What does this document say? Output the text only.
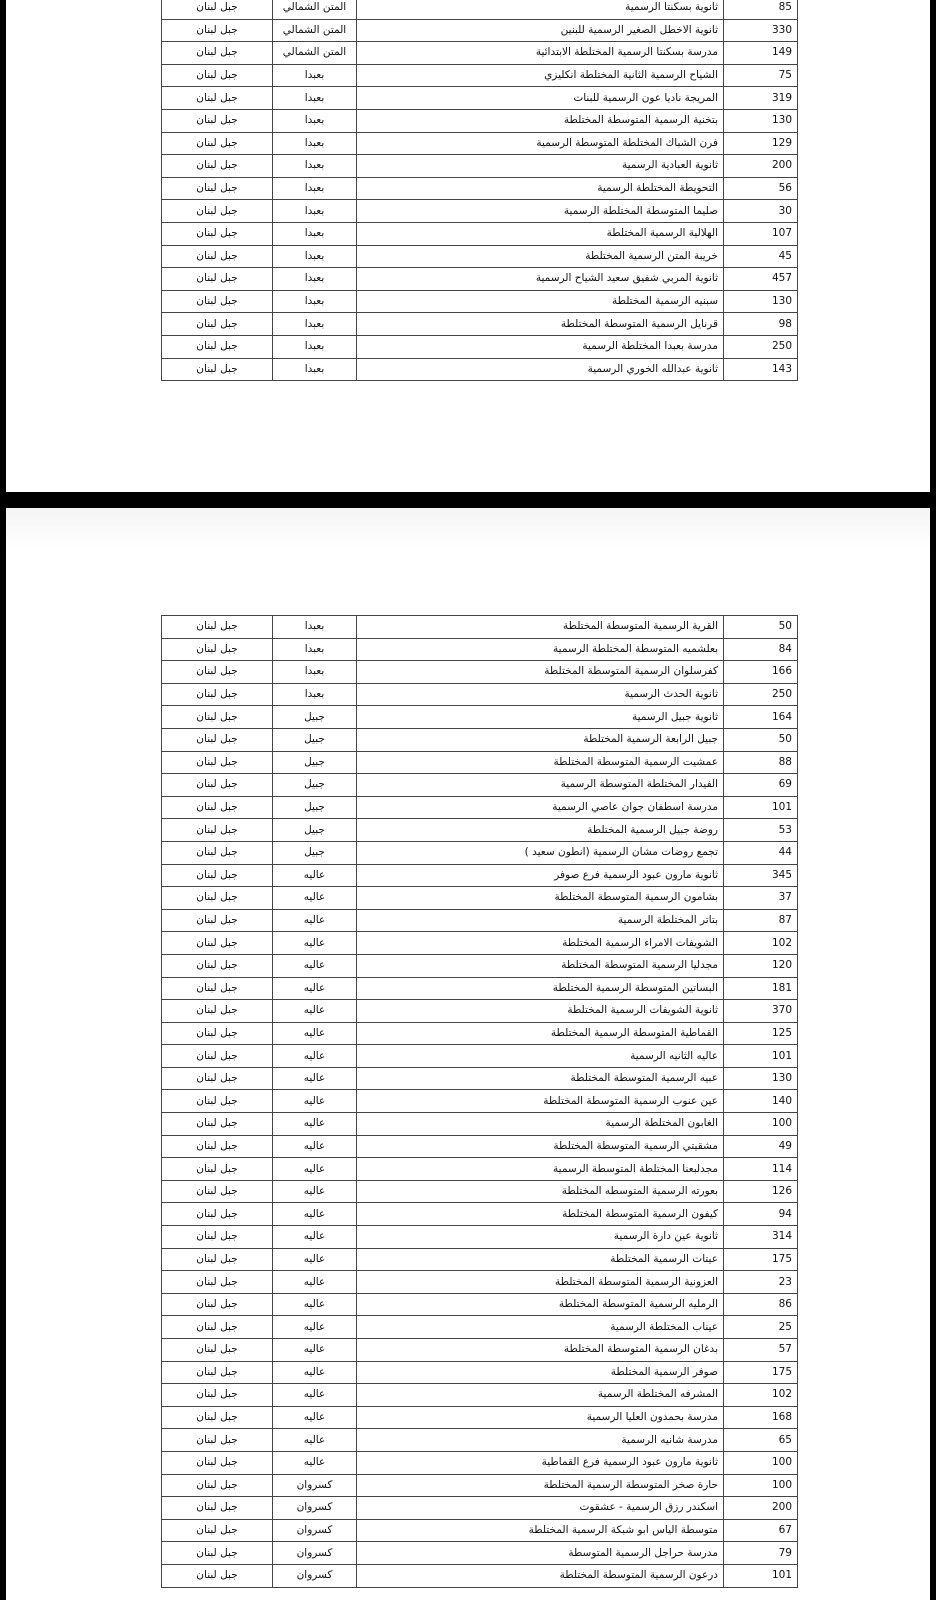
85	ثانوية بسكنتا الرسمية	المتن الشمالي	جبل لبنان
330	ثانوية الاخطل الصغير الرسمية للبنين	المتن الشمالي	جبل لبنان
149	مدرسة بسكنتا الرسمية المختلطة الابتدائية	المتن الشمالي	جبل لبنان
75	الشياح الرسمية الثانية المختلطة انكليزي	بعبدا	جبل لبنان
319	المريجة ناديا عون الرسمية للبنات	بعبدا	جبل لبنان
130	بتخنية الرسمية المتوسطة المختلطة	بعبدا	جبل لبنان
129	فرن الشباك المختلطة المتوسطة الرسمية	بعبدا	جبل لبنان
200	ثانوية العبادية الرسمية	بعبدا	جبل لبنان
56	التحويطة المختلطة الرسمية	بعبدا	جبل لبنان
30	صليما المتوسطة المختلطة الرسمية	بعبدا	جبل لبنان
107	الهلالية الرسمية المختلطة	بعبدا	جبل لبنان
45	خريبة المتن الرسمية المختلطة	بعبدا	جبل لبنان
457	ثانوية المربي شفيق سعيد الشياح الرسمية	بعبدا	جبل لبنان
130	سبنيه الرسمية المختلطة	بعبدا	جبل لبنان
98	قرنايل الرسمية المتوسطة المختلطة	بعبدا	جبل لبنان
250	مدرسة بعبدا المختلطة الرسمية	بعبدا	جبل لبنان
143	ثانوية عبدالله الخوري الرسمية	بعبدا	جبل لبنان
50	القرية الرسمية المتوسطة المختلطة	بعبدا	جبل لبنان
84	بعلشميه المتوسطة المختلطة الرسمية	بعبدا	جبل لبنان
166	كفرسلوان الرسمية المتوسطة المختلطة	بعبدا	جبل لبنان
250	ثانوية الحدث الرسمية	بعبدا	جبل لبنان
164	ثانوية جبيل الرسمية	جبيل	جبل لبنان
50	جبيل الرابعة الرسمية المختلطة	جبيل	جبل لبنان
88	عمشيت الرسمية المتوسطة المختلطة	جبيل	جبل لبنان
69	الفيدار المختلطة المتوسطة الرسمية	جبيل	جبل لبنان
101	مدرسة اسطفان جوان عاصي الرسمية	جبيل	جبل لبنان
53	روضة جبيل الرسمية المختلطة	جبيل	جبل لبنان
44	تجمع روضات مشان الرسمية (انطون سعيد )	جبيل	جبل لبنان
345	ثانوية مارون عبود الرسمية فرع صوفر	عاليه	جبل لبنان
37	بشامون الرسمية المتوسطة المختلطة	عاليه	جبل لبنان
87	بتاتر المختلطة الرسمية	عاليه	جبل لبنان
102	الشويفات الامراء الرسمية المختلطة	عاليه	جبل لبنان
120	مجدليا الرسمية المتوسطة المختلطة	عاليه	جبل لبنان
181	البساتين المتوسطة الرسمية المختلطة	عاليه	جبل لبنان
370	ثانوية الشويفات الرسمية المختلطة	عاليه	جبل لبنان
125	القماطية المتوسطة الرسمية المختلطة	عاليه	جبل لبنان
101	عاليه الثانيه الرسمية	عاليه	جبل لبنان
130	عبيه الرسمية المتوسطة المختلطة	عاليه	جبل لبنان
140	عين عنوب الرسمية المتوسطة المختلطة	عاليه	جبل لبنان
100	الغابون المختلطة الرسمية	عاليه	جبل لبنان
49	مشقيتي الرسمية المتوسطة المختلطة	عاليه	جبل لبنان
114	مجدلبعنا المختلطة المتوسطة الرسمية	عاليه	جبل لبنان
126	بعورته الرسمية المتوسطه المختلطة	عاليه	جبل لبنان
94	كيفون الرسمية المتوسطة المختلطة	عاليه	جبل لبنان
314	ثانوية عين دارة الرسمية	عاليه	جبل لبنان
175	عيتات الرسمية المختلطة	عاليه	جبل لبنان
23	العزونية الرسمية المتوسطة المختلطة	عاليه	جبل لبنان
86	الرمليه الرسمية المتوسطة المختلطة	عاليه	جبل لبنان
25	عيناب المختلطة الرسمية	عاليه	جبل لبنان
57	بدغان الرسمية المتوسطة المختلطة	عاليه	جبل لبنان
175	صوفر الرسمية المختلطة	عاليه	جبل لبنان
102	المشرفه المختلطة الرسمية	عاليه	جبل لبنان
168	مدرسة بحمدون العليا الرسمية	عاليه	جبل لبنان
65	مدرسة شانيه الرسمية	عاليه	جبل لبنان
100	ثانوية مارون عبود الرسمية فرع القماطية	عاليه	جبل لبنان
100	حارة صخر المتوسطة الرسمية المختلطة	كسروان	جبل لبنان
200	اسكندر رزق الرسمية - عشقوت	كسروان	جبل لبنان
67	متوسطة الياس ابو شبكة الرسمية المختلطة	كسروان	جبل لبنان
79	مدرسة حراجل الرسمية المتوسطة	كسروان	جبل لبنان
101	درعون الرسمية المتوسطة المختلطة	كسروان	جبل لبنان
